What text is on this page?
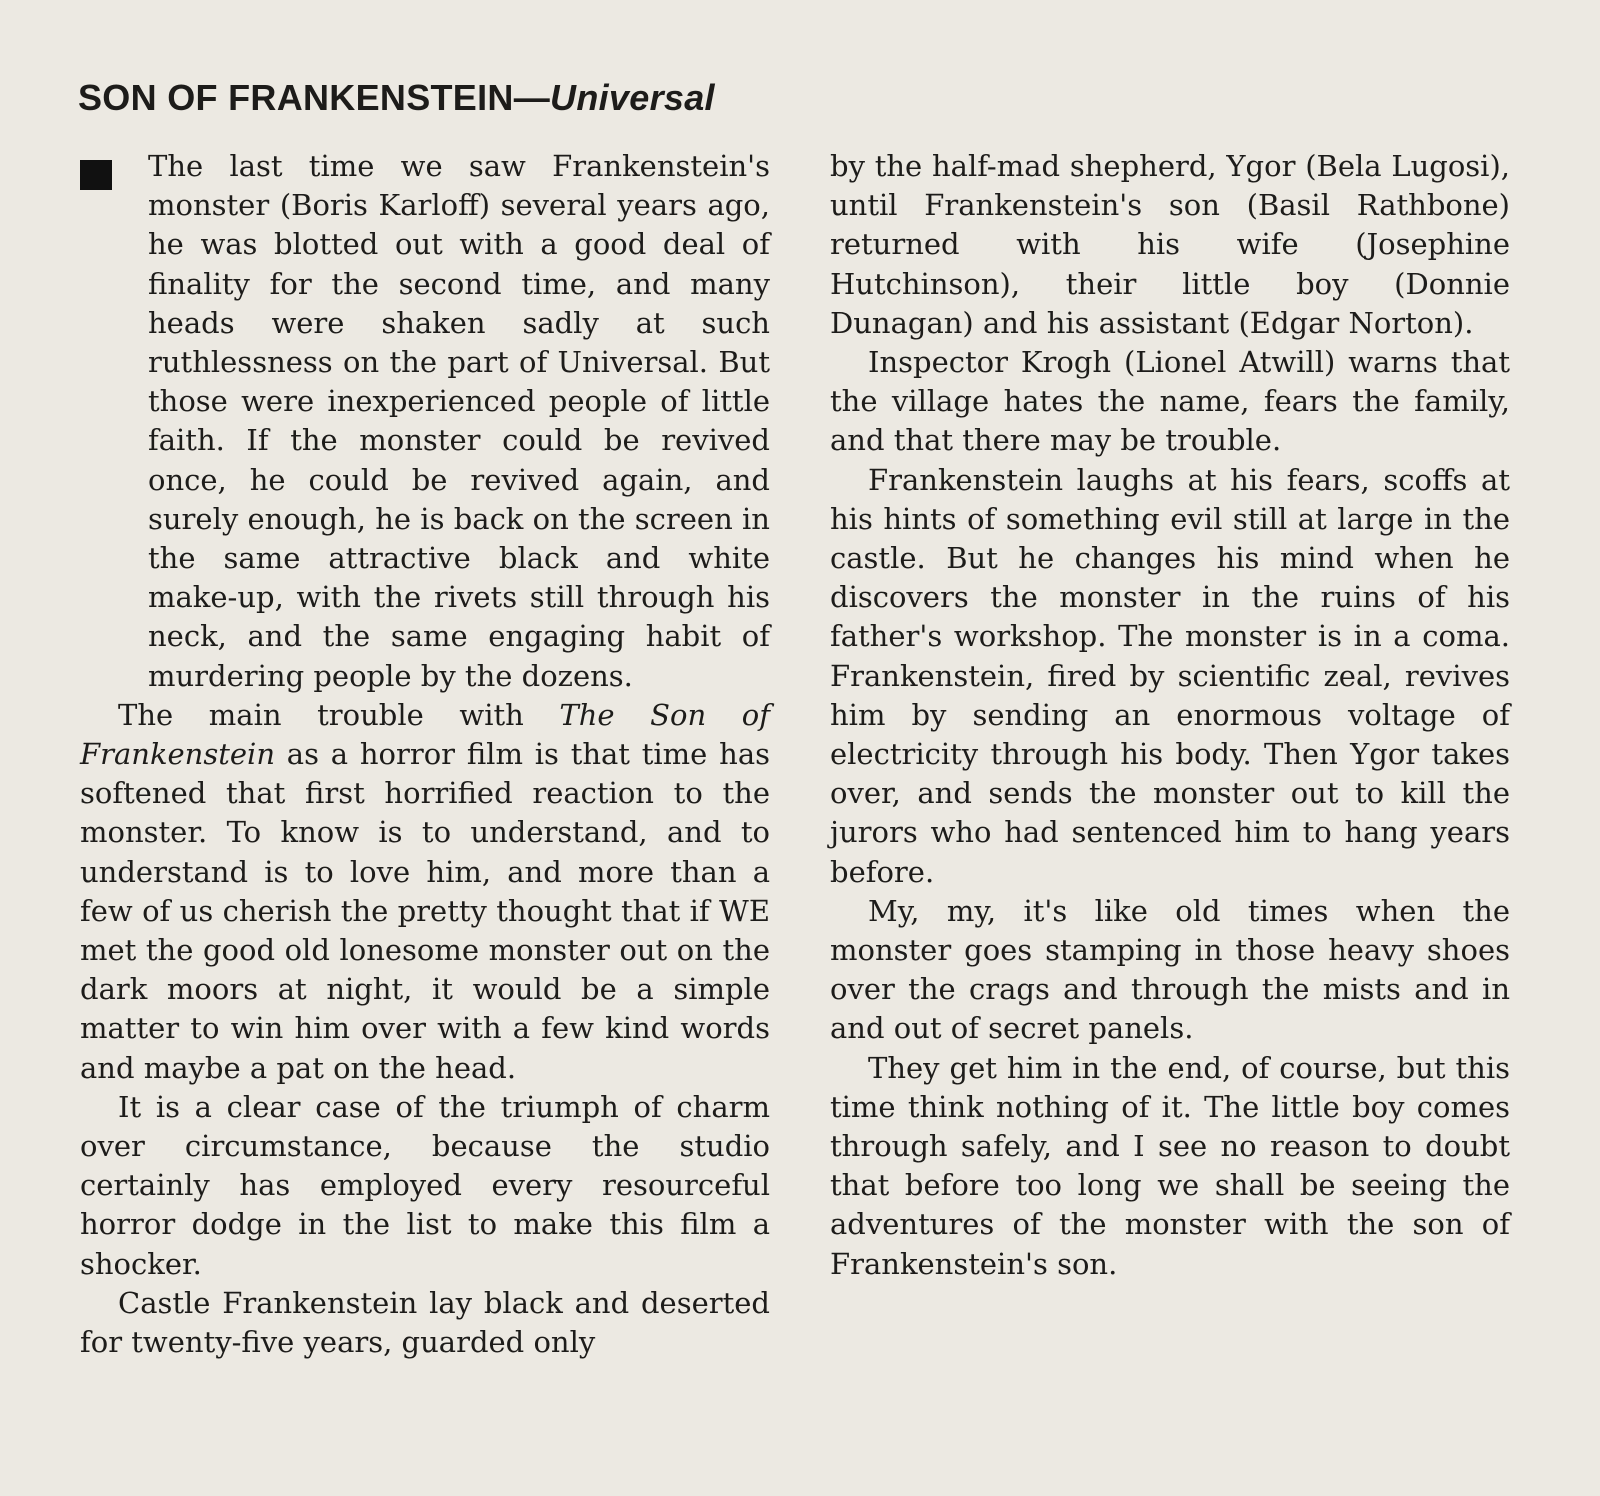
SON OF FRANKENSTEIN—Universal

The last time we saw Frankenstein's monster (Boris Karloff) several years ago, he was blotted out with a good deal of finality for the second time, and many heads were shaken sadly at such ruthlessness on the part of Universal. But those were inexperienced people of little faith. If the monster could be revived once, he could be revived again, and surely enough, he is back on the screen in the same attractive black and white make-up, with the rivets still through his neck, and the same engaging habit of murdering people by the dozens.

The main trouble with The Son of Frankenstein as a horror film is that time has softened that first horrified reaction to the monster. To know is to understand, and to understand is to love him, and more than a few of us cherish the pretty thought that if WE met the good old lonesome monster out on the dark moors at night, it would be a simple matter to win him over with a few kind words and maybe a pat on the head.

It is a clear case of the triumph of charm over circumstance, because the studio certainly has employed every resourceful horror dodge in the list to make this film a shocker.

Castle Frankenstein lay black and deserted for twenty-five years, guarded only

by the half-mad shepherd, Ygor (Bela Lugosi), until Frankenstein's son (Basil Rathbone) returned with his wife (Josephine Hutchinson), their little boy (Donnie Dunagan) and his assistant (Edgar Norton).

Inspector Krogh (Lionel Atwill) warns that the village hates the name, fears the family, and that there may be trouble.

Frankenstein laughs at his fears, scoffs at his hints of something evil still at large in the castle. But he changes his mind when he discovers the monster in the ruins of his father's workshop. The monster is in a coma. Frankenstein, fired by scientific zeal, revives him by sending an enormous voltage of electricity through his body. Then Ygor takes over, and sends the monster out to kill the jurors who had sentenced him to hang years before.

My, my, it's like old times when the monster goes stamping in those heavy shoes over the crags and through the mists and in and out of secret panels.

They get him in the end, of course, but this time think nothing of it. The little boy comes through safely, and I see no reason to doubt that before too long we shall be seeing the adventures of the monster with the son of Frankenstein's son.
